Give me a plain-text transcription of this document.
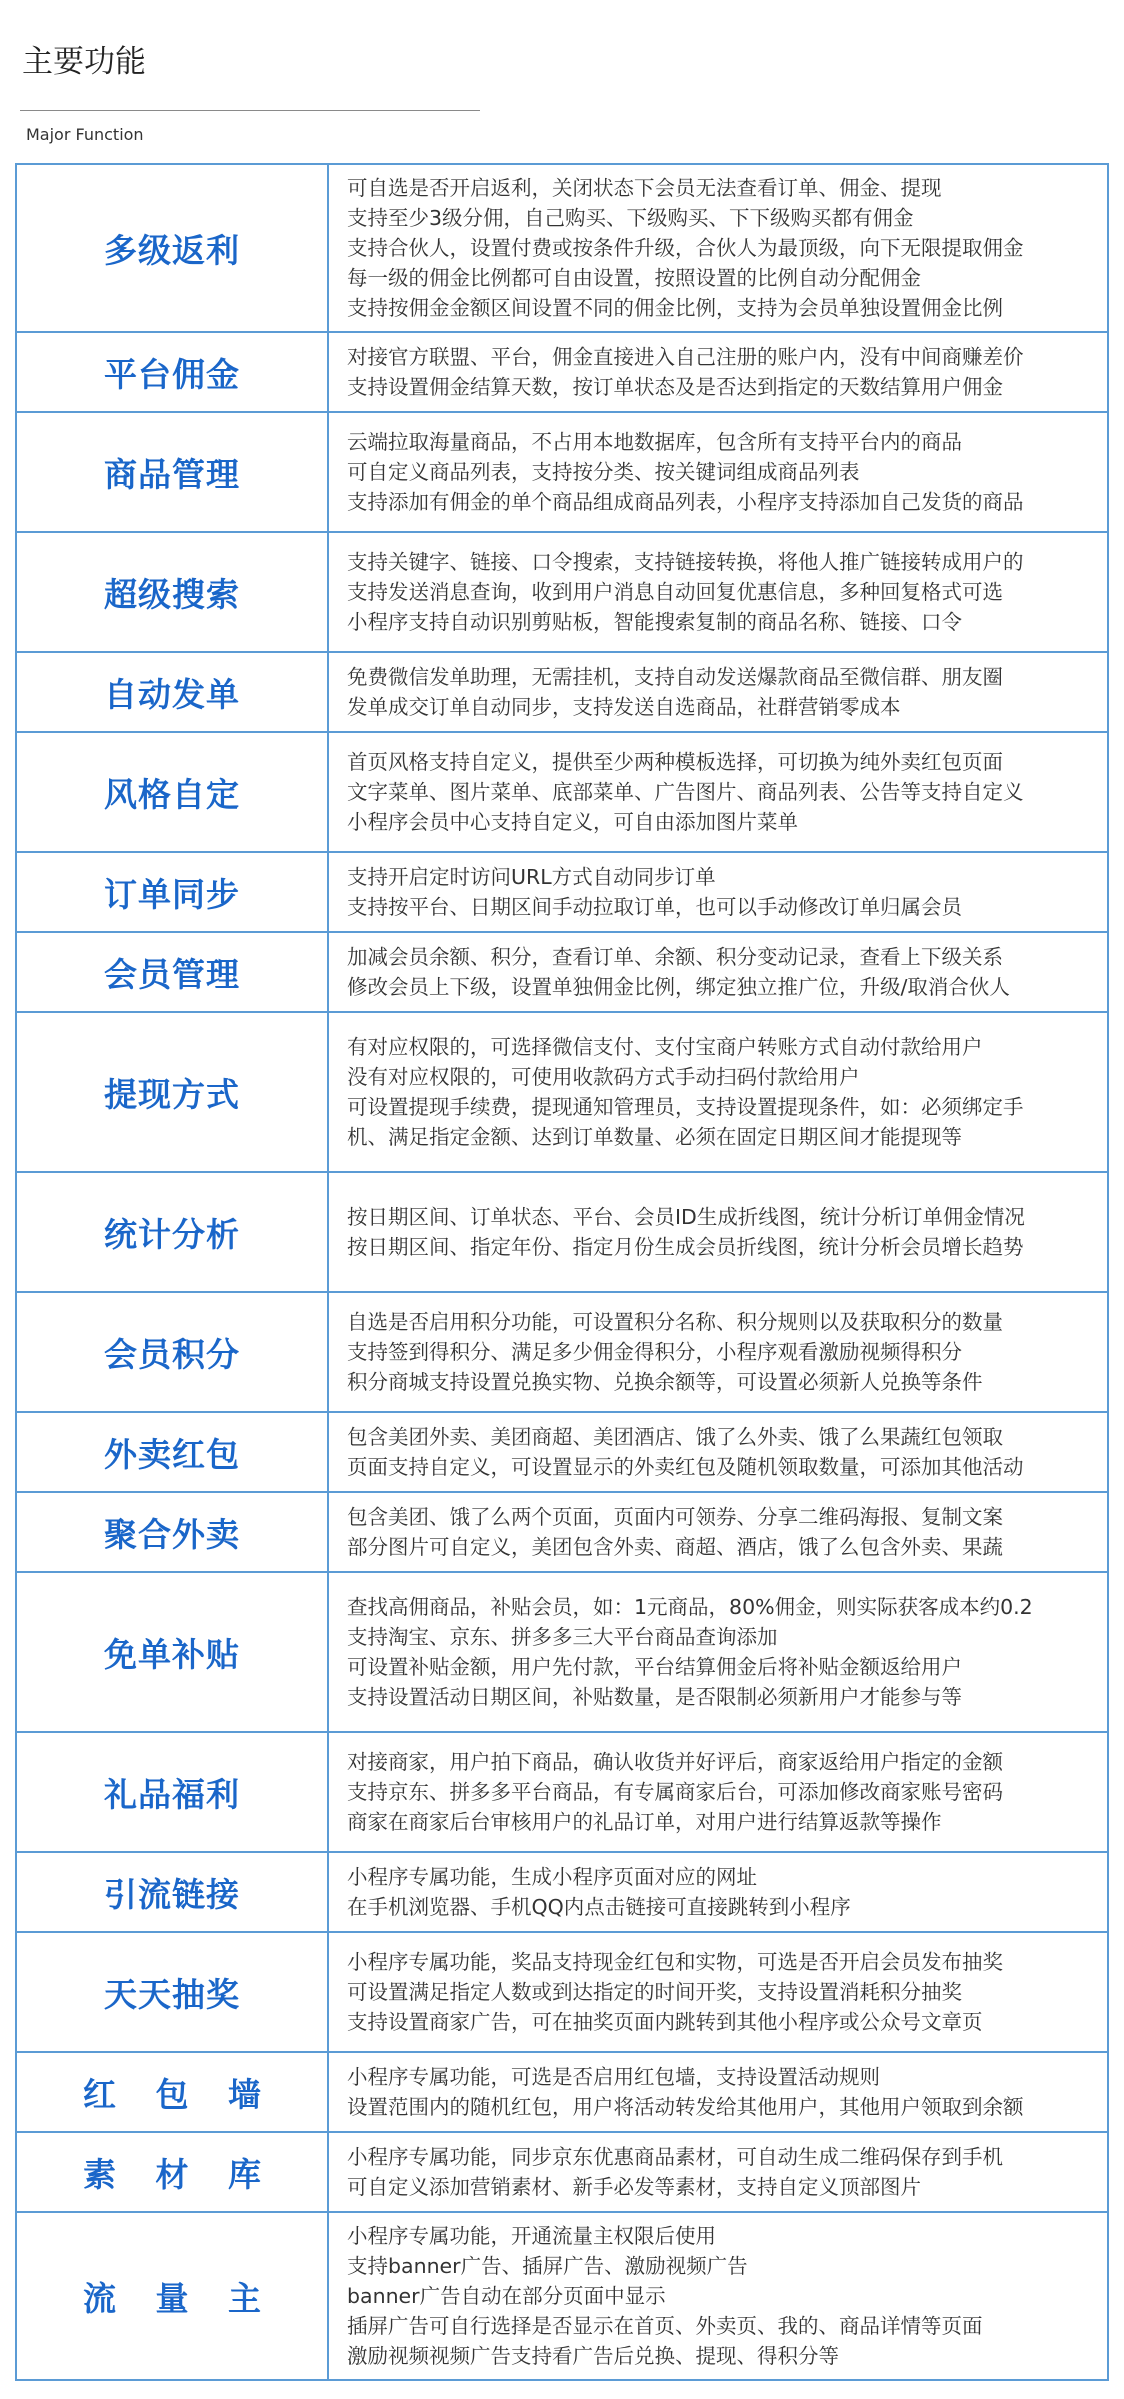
主要功能
Major Function
多级返利	可自选是否开启返利，关闭状态下会员无法查看订单、佣金、提现
支持至少3级分佣，自己购买、下级购买、下下级购买都有佣金
支持合伙人，设置付费或按条件升级，合伙人为最顶级，向下无限提取佣金
每一级的佣金比例都可自由设置，按照设置的比例自动分配佣金
支持按佣金金额区间设置不同的佣金比例，支持为会员单独设置佣金比例

平台佣金	对接官方联盟、平台，佣金直接进入自己注册的账户内，没有中间商赚差价
支持设置佣金结算天数，按订单状态及是否达到指定的天数结算用户佣金

商品管理	云端拉取海量商品，不占用本地数据库，包含所有支持平台内的商品
可自定义商品列表，支持按分类、按关键词组成商品列表
支持添加有佣金的单个商品组成商品列表，小程序支持添加自己发货的商品

超级搜索	支持关键字、链接、口令搜索，支持链接转换，将他人推广链接转成用户的
支持发送消息查询，收到用户消息自动回复优惠信息，多种回复格式可选
小程序支持自动识别剪贴板，智能搜索复制的商品名称、链接、口令

自动发单	免费微信发单助理，无需挂机，支持自动发送爆款商品至微信群、朋友圈
发单成交订单自动同步，支持发送自选商品，社群营销零成本

风格自定	首页风格支持自定义，提供至少两种模板选择，可切换为纯外卖红包页面
文字菜单、图片菜单、底部菜单、广告图片、商品列表、公告等支持自定义
小程序会员中心支持自定义，可自由添加图片菜单

订单同步	支持开启定时访问URL方式自动同步订单
支持按平台、日期区间手动拉取订单，也可以手动修改订单归属会员

会员管理	加减会员余额、积分，查看订单、余额、积分变动记录，查看上下级关系
修改会员上下级，设置单独佣金比例，绑定独立推广位，升级/取消合伙人

提现方式	有对应权限的，可选择微信支付、支付宝商户转账方式自动付款给用户
没有对应权限的，可使用收款码方式手动扫码付款给用户
可设置提现手续费，提现通知管理员，支持设置提现条件，如：必须绑定手
机、满足指定金额、达到订单数量、必须在固定日期区间才能提现等

统计分析	按日期区间、订单状态、平台、会员ID生成折线图，统计分析订单佣金情况
按日期区间、指定年份、指定月份生成会员折线图，统计分析会员增长趋势

会员积分	自选是否启用积分功能，可设置积分名称、积分规则以及获取积分的数量
支持签到得积分、满足多少佣金得积分，小程序观看激励视频得积分
积分商城支持设置兑换实物、兑换余额等，可设置必须新人兑换等条件

外卖红包	包含美团外卖、美团商超、美团酒店、饿了么外卖、饿了么果蔬红包领取
页面支持自定义，可设置显示的外卖红包及随机领取数量，可添加其他活动

聚合外卖	包含美团、饿了么两个页面，页面内可领券、分享二维码海报、复制文案
部分图片可自定义，美团包含外卖、商超、酒店，饿了么包含外卖、果蔬

免单补贴	查找高佣商品，补贴会员，如：1元商品，80%佣金，则实际获客成本约0.2
支持淘宝、京东、拼多多三大平台商品查询添加
可设置补贴金额，用户先付款，平台结算佣金后将补贴金额返给用户
支持设置活动日期区间，补贴数量，是否限制必须新用户才能参与等

礼品福利	对接商家，用户拍下商品，确认收货并好评后，商家返给用户指定的金额
支持京东、拼多多平台商品，有专属商家后台，可添加修改商家账号密码
商家在商家后台审核用户的礼品订单，对用户进行结算返款等操作

引流链接	小程序专属功能，生成小程序页面对应的网址
在手机浏览器、手机QQ内点击链接可直接跳转到小程序

天天抽奖	小程序专属功能，奖品支持现金红包和实物，可选是否开启会员发布抽奖
可设置满足指定人数或到达指定的时间开奖，支持设置消耗积分抽奖
支持设置商家广告，可在抽奖页面内跳转到其他小程序或公众号文章页

红 包 墙	小程序专属功能，可选是否启用红包墙，支持设置活动规则
设置范围内的随机红包，用户将活动转发给其他用户，其他用户领取到余额

素 材 库	小程序专属功能，同步京东优惠商品素材，可自动生成二维码保存到手机
可自定义添加营销素材、新手必发等素材，支持自定义顶部图片

流 量 主	小程序专属功能，开通流量主权限后使用
支持banner广告、插屏广告、激励视频广告
banner广告自动在部分页面中显示
插屏广告可自行选择是否显示在首页、外卖页、我的、商品详情等页面
激励视频视频广告支持看广告后兑换、提现、得积分等
